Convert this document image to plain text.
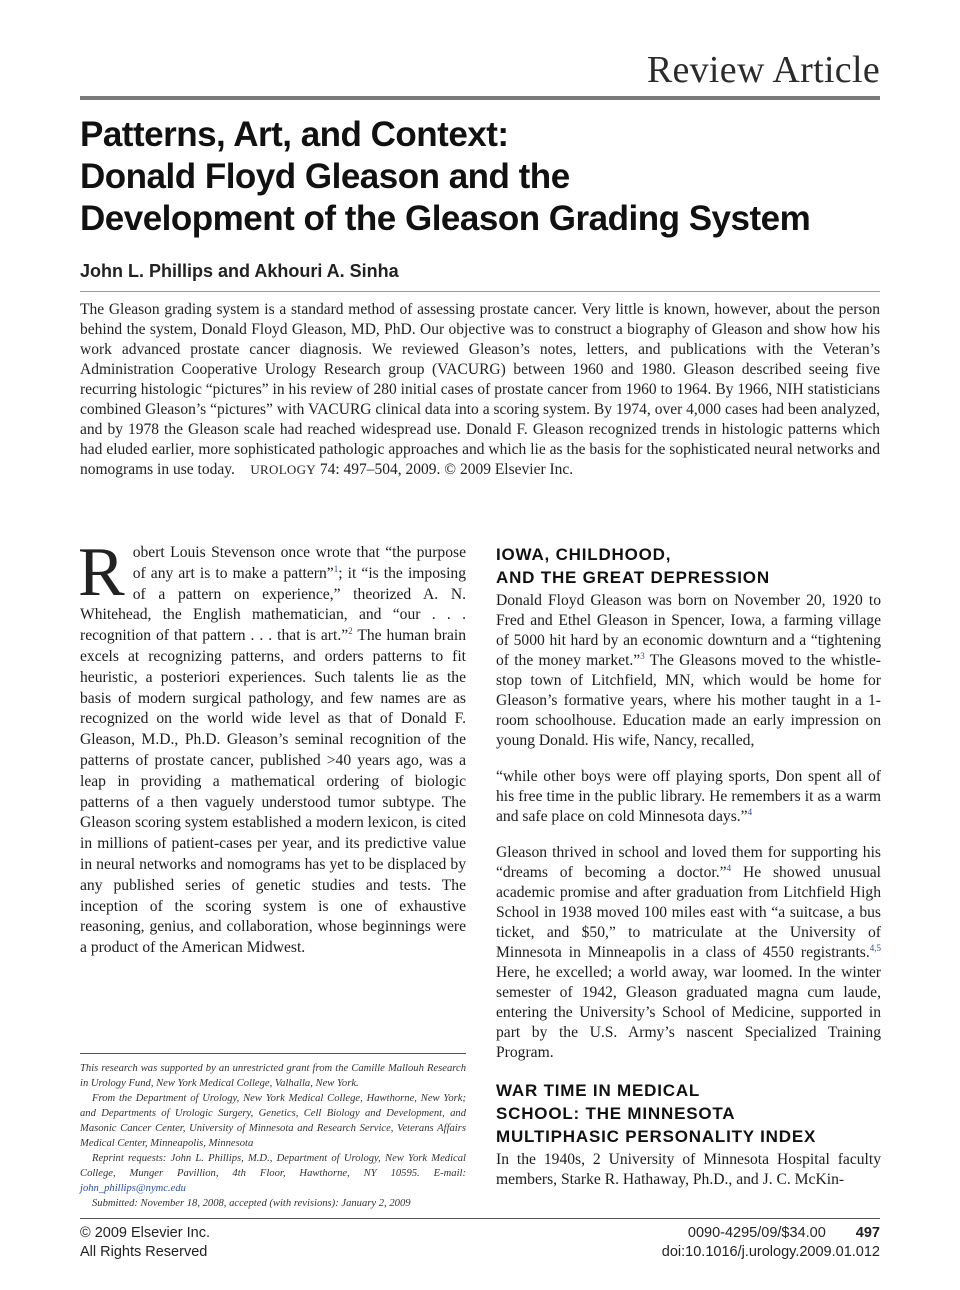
Review Article
Patterns, Art, and Context:
Donald Floyd Gleason and the
Development of the Gleason Grading System
John L. Phillips and Akhouri A. Sinha

The Gleason grading system is a standard method of assessing prostate cancer. Very little is known, however, about the person behind the system, Donald Floyd Gleason, MD, PhD. Our objective was to construct a biography of Gleason and show how his work advanced prostate cancer diagnosis. We reviewed Gleason’s notes, letters, and publications with the Veteran’s Administration Cooperative Urology Research group (VACURG) between 1960 and 1980. Gleason described seeing five recurring histologic “pictures” in his review of 280 initial cases of prostate cancer from 1960 to 1964. By 1966, NIH statisticians combined Gleason’s “pictures” with VACURG clinical data into a scoring system. By 1974, over 4,000 cases had been analyzed, and by 1978 the Gleason scale had reached widespread use. Donald F. Gleason recognized trends in histologic patterns which had eluded earlier, more sophisticated pathologic approaches and which lie as the basis for the sophisticated neural networks and nomograms in use today. UROLOGY 74: 497–504, 2009. © 2009 Elsevier Inc.

Robert Louis Stevenson once wrote that “the purpose of any art is to make a pattern”$^1$; it “is the imposing of a pattern on experience,” theorized A. N. Whitehead, the English mathematician, and “our . . . recognition of that pattern . . . that is art.”$^2$ The human brain excels at recognizing patterns, and orders patterns to fit heuristic, a posteriori experiences. Such talents lie as the basis of modern surgical pathology, and few names are as recognized on the world wide level as that of Donald F. Gleason, M.D., Ph.D. Gleason’s seminal recognition of the patterns of prostate cancer, published >40 years ago, was a leap in providing a mathematical ordering of biologic patterns of a then vaguely understood tumor subtype. The Gleason scoring system established a modern lexicon, is cited in millions of patient-cases per year, and its predictive value in neural networks and nomograms has yet to be displaced by any published series of genetic studies and tests. The inception of the scoring system is one of exhaustive reasoning, genius, and collaboration, whose beginnings were a product of the American Midwest.

This research was supported by an unrestricted grant from the Camille Mallouh Research in Urology Fund, New York Medical College, Valhalla, New York.

From the Department of Urology, New York Medical College, Hawthorne, New York; and Departments of Urologic Surgery, Genetics, Cell Biology and Development, and Masonic Cancer Center, University of Minnesota and Research Service, Veterans Affairs Medical Center, Minneapolis, Minnesota

Reprint requests: John L. Phillips, M.D., Department of Urology, New York Medical College, Munger Pavillion, 4th Floor, Hawthorne, NY 10595. E-mail: john_phillips@nymc.edu

Submitted: November 18, 2008, accepted (with revisions): January 2, 2009

IOWA, CHILDHOOD,
AND THE GREAT DEPRESSION

Donald Floyd Gleason was born on November 20, 1920 to Fred and Ethel Gleason in Spencer, Iowa, a farming village of 5000 hit hard by an economic downturn and a “tightening of the money market.”$^3$ The Gleasons moved to the whistle-stop town of Litchfield, MN, which would be home for Gleason’s formative years, where his mother taught in a 1-room schoolhouse. Education made an early impression on young Donald. His wife, Nancy, recalled,

“while other boys were off playing sports, Don spent all of his free time in the public library. He remembers it as a warm and safe place on cold Minnesota days.”$^4$

Gleason thrived in school and loved them for supporting his “dreams of becoming a doctor.”$^4$ He showed unusual academic promise and after graduation from Litchfield High School in 1938 moved 100 miles east with “a suitcase, a bus ticket, and $50,” to matriculate at the University of Minnesota in Minneapolis in a class of 4550 registrants.$^{4,5}$ Here, he excelled; a world away, war loomed. In the winter semester of 1942, Gleason graduated magna cum laude, entering the University’s School of Medicine, supported in part by the U.S. Army’s nascent Specialized Training Program.

WAR TIME IN MEDICAL
SCHOOL: THE MINNESOTA
MULTIPHASIC PERSONALITY INDEX

In the 1940s, 2 University of Minnesota Hospital faculty members, Starke R. Hathaway, Ph.D., and J. C. McKin-

© 2009 Elsevier Inc.
All Rights Reserved
0090-4295/09/$34.00 497
doi:10.1016/j.urology.2009.01.012
